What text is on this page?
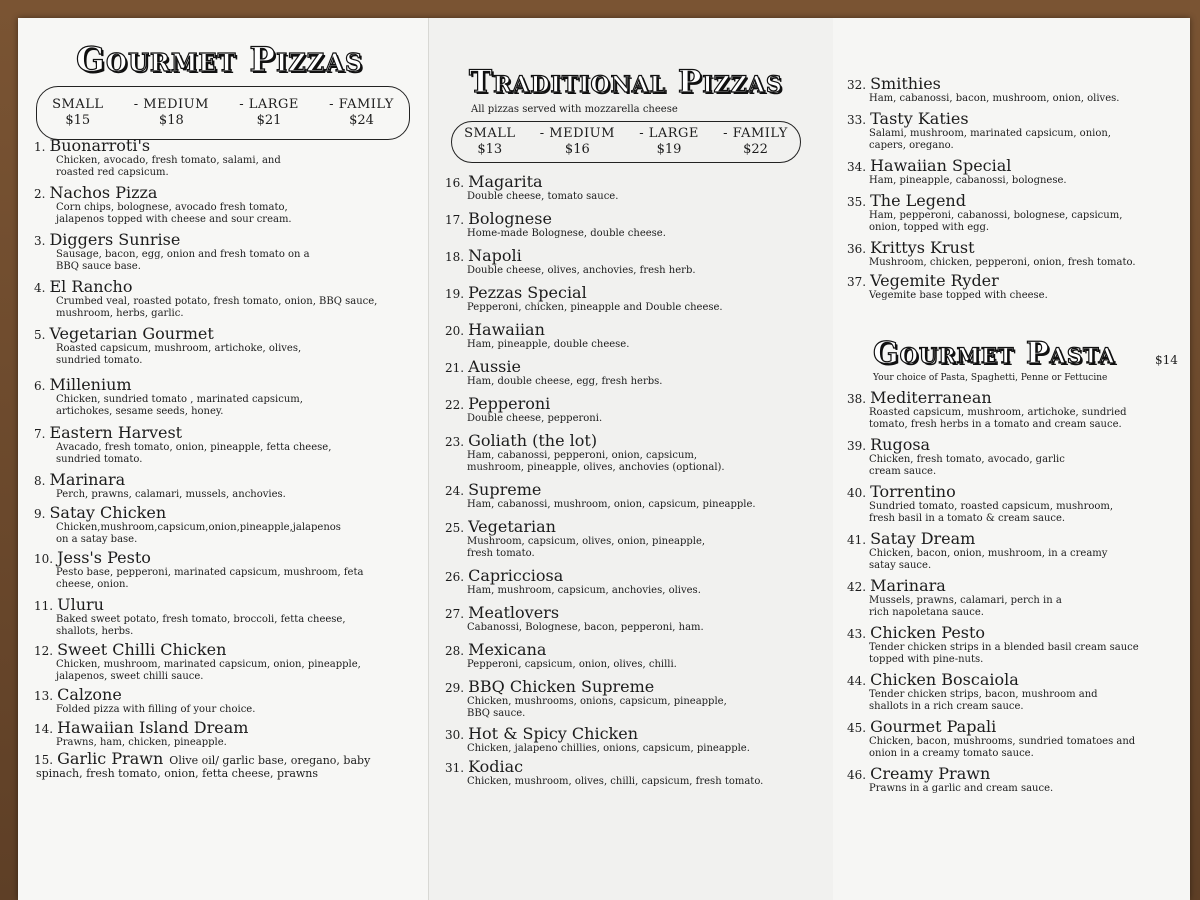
Gourmet Pizzas
SMALL
$15
- MEDIUM
$18
- LARGE
$21
- FAMILY
$24
1. Buonarroti's
Chicken, avocado, fresh tomato, salami, and
roasted red capsicum.
2. Nachos Pizza
Corn chips, bolognese, avocado fresh tomato,
jalapenos topped with cheese and sour cream.
3. Diggers Sunrise
Sausage, bacon, egg, onion and fresh tomato on a
BBQ sauce base.
4. El Rancho
Crumbed veal, roasted potato, fresh tomato, onion, BBQ sauce,
mushroom, herbs, garlic.
5. Vegetarian Gourmet
Roasted capsicum, mushroom, artichoke, olives,
sundried tomato.
6. Millenium
Chicken, sundried tomato , marinated capsicum,
artichokes, sesame seeds, honey.
7. Eastern Harvest
Avacado, fresh tomato, onion, pineapple, fetta cheese,
sundried tomato.
8. Marinara
Perch, prawns, calamari, mussels, anchovies.
9. Satay Chicken
Chicken,mushroom,capsicum,onion,pineapple,jalapenos
on a satay base.
10. Jess's Pesto
Pesto base, pepperoni, marinated capsicum, mushroom, feta
cheese, onion.
11. Uluru
Baked sweet potato, fresh tomato, broccoli, fetta cheese,
shallots, herbs.
12. Sweet Chilli Chicken
Chicken, mushroom, marinated capsicum, onion, pineapple,
jalapenos, sweet chilli sauce.
13. Calzone
Folded pizza with filling of your choice.
14. Hawaiian Island Dream
Prawns, ham, chicken, pineapple.
15. Garlic Prawn Olive oil/ garlic base, oregano, baby
spinach, fresh tomato, onion, fetta cheese, prawns
Traditional Pizzas
All pizzas served with mozzarella cheese
SMALL
$13
- MEDIUM
$16
- LARGE
$19
- FAMILY
$22
16. Magarita
Double cheese, tomato sauce.
17. Bolognese
Home-made Bolognese, double cheese.
18. Napoli
Double cheese, olives, anchovies, fresh herb.
19. Pezzas Special
Pepperoni, chicken, pineapple and Double cheese.
20. Hawaiian
Ham, pineapple, double cheese.
21. Aussie
Ham, double cheese, egg, fresh herbs.
22. Pepperoni
Double cheese, pepperoni.
23. Goliath (the lot)
Ham, cabanossi, pepperoni, onion, capsicum,
mushroom, pineapple, olives, anchovies (optional).
24. Supreme
Ham, cabanossi, mushroom, onion, capsicum, pineapple.
25. Vegetarian
Mushroom, capsicum, olives, onion, pineapple,
fresh tomato.
26. Capricciosa
Ham, mushroom, capsicum, anchovies, olives.
27. Meatlovers
Cabanossi, Bolognese, bacon, pepperoni, ham.
28. Mexicana
Pepperoni, capsicum, onion, olives, chilli.
29. BBQ Chicken Supreme
Chicken, mushrooms, onions, capsicum, pineapple,
BBQ sauce.
30. Hot & Spicy Chicken
Chicken, jalapeno chillies, onions, capsicum, pineapple.
31. Kodiac
Chicken, mushroom, olives, chilli, capsicum, fresh tomato.
32. Smithies
Ham, cabanossi, bacon, mushroom, onion, olives.
33. Tasty Katies
Salami, mushroom, marinated capsicum, onion,
capers, oregano.
34. Hawaiian Special
Ham, pineapple, cabanossi, bolognese.
35. The Legend
Ham, pepperoni, cabanossi, bolognese, capsicum,
onion, topped with egg.
36. Krittys Krust
Mushroom, chicken, pepperoni, onion, fresh tomato.
37. Vegemite Ryder
Vegemite base topped with cheese.
Gourmet Pasta	$14
Your choice of Pasta, Spaghetti, Penne or Fettucine
38. Mediterranean
Roasted capsicum, mushroom, artichoke, sundried
tomato, fresh herbs in a tomato and cream sauce.
39. Rugosa
Chicken, fresh tomato, avocado, garlic
cream sauce.
40. Torrentino
Sundried tomato, roasted capsicum, mushroom,
fresh basil in a tomato & cream sauce.
41. Satay Dream
Chicken, bacon, onion, mushroom, in a creamy
satay sauce.
42. Marinara
Mussels, prawns, calamari, perch in a
rich napoletana sauce.
43. Chicken Pesto
Tender chicken strips in a blended basil cream sauce
topped with pine-nuts.
44. Chicken Boscaiola
Tender chicken strips, bacon, mushroom and
shallots in a rich cream sauce.
45. Gourmet Papali
Chicken, bacon, mushrooms, sundried tomatoes and
onion in a creamy tomato sauce.
46. Creamy Prawn
Prawns in a garlic and cream sauce.
